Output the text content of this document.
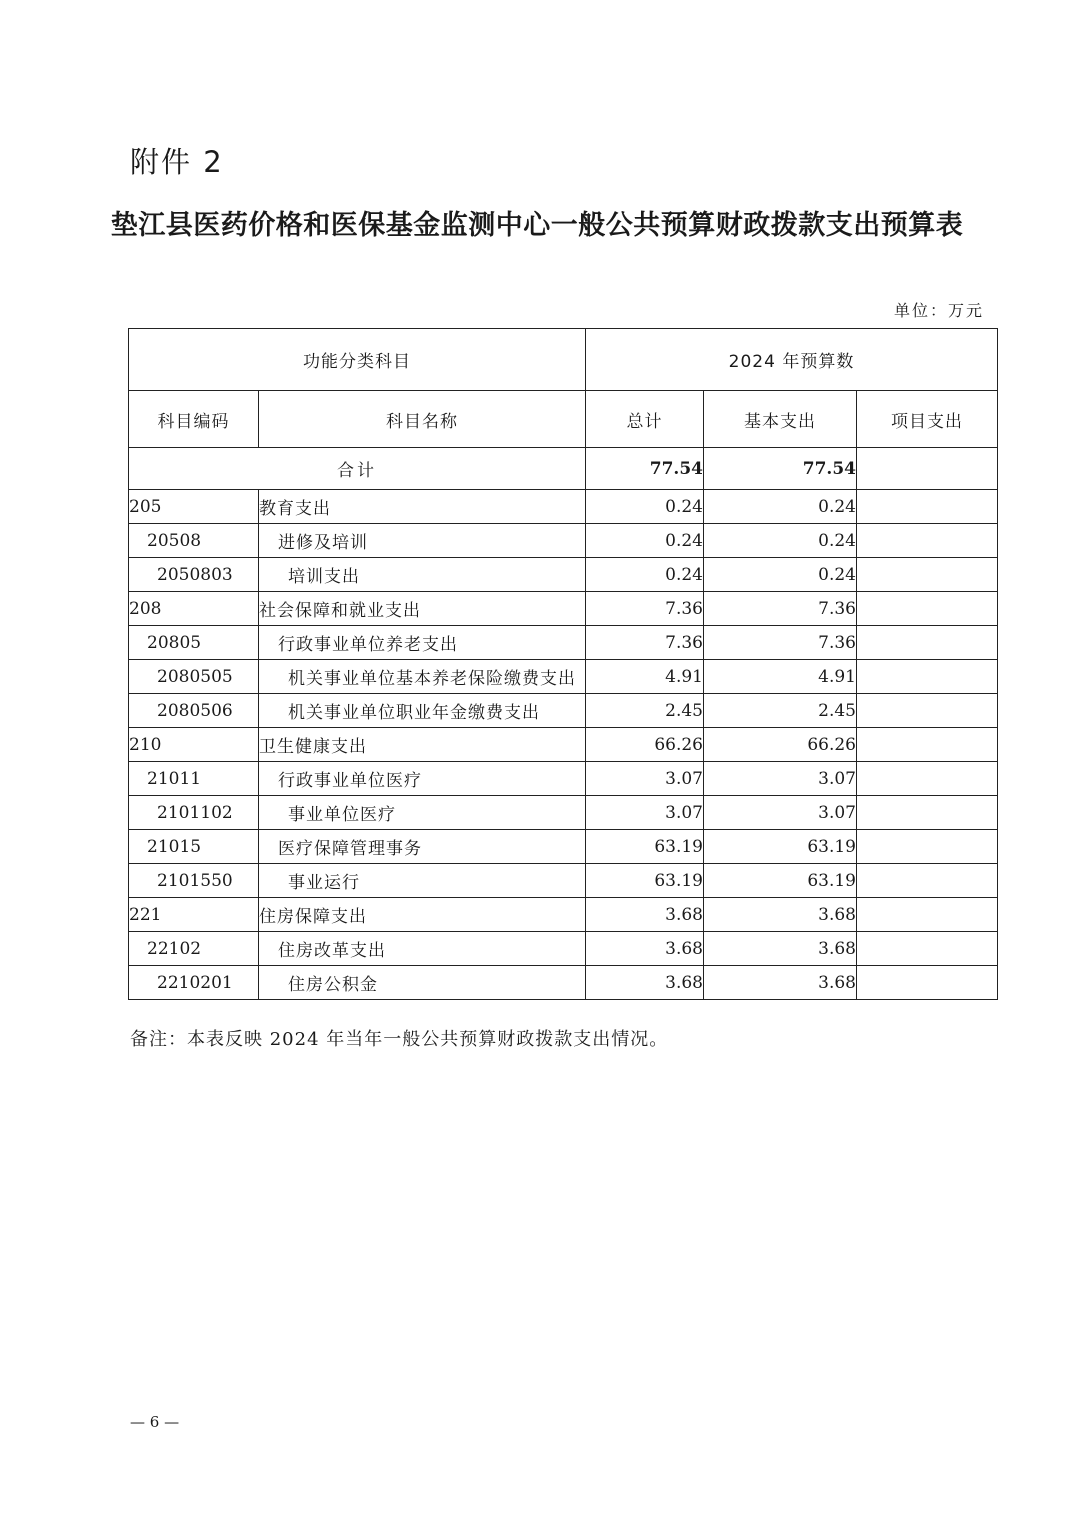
附件 2
垫江县医药价格和医保基金监测中心一般公共预算财政拨款支出预算表
单位：万元
功能分类科目		2024 年预算数		
科目编码	科目名称	总计	基本支出	项目支出
合计		77.54	77.54	
205	教育支出	0.24	0.24	
20508	进修及培训	0.24	0.24	
2050803	培训支出	0.24	0.24	
208	社会保障和就业支出	7.36	7.36	
20805	行政事业单位养老支出	7.36	7.36	
2080505	机关事业单位基本养老保险缴费支出	4.91	4.91	
2080506	机关事业单位职业年金缴费支出	2.45	2.45	
210	卫生健康支出	66.26	66.26	
21011	行政事业单位医疗	3.07	3.07	
2101102	事业单位医疗	3.07	3.07	
21015	医疗保障管理事务	63.19	63.19	
2101550	事业运行	63.19	63.19	
221	住房保障支出	3.68	3.68	
22102	住房改革支出	3.68	3.68	
2210201	住房公积金	3.68	3.68	
备注：本表反映 2024 年当年一般公共预算财政拨款支出情况。
— 6 —
